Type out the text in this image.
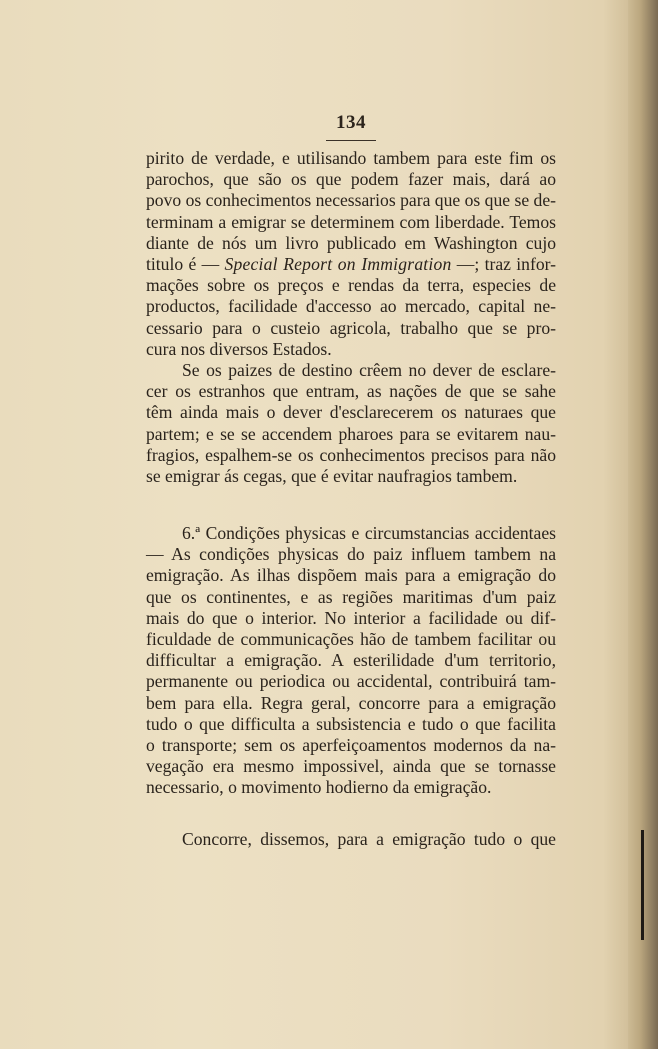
134
pirito de verdade, e utilisando tambem para este fim os
parochos, que são os que podem fazer mais, dará ao
povo os conhecimentos necessarios para que os que se de-
terminam a emigrar se determinem com liberdade. Temos
diante de nós um livro publicado em Washington cujo
titulo é — Special Report on Immigration —; traz infor-
mações sobre os preços e rendas da terra, especies de
productos, facilidade d'accesso ao mercado, capital ne-
cessario para o custeio agricola, trabalho que se pro-
cura nos diversos Estados.
Se os paizes de destino crêem no dever de esclare-
cer os estranhos que entram, as nações de que se sahe
têm ainda mais o dever d'esclarecerem os naturaes que
partem; e se se accendem pharoes para se evitarem nau-
fragios, espalhem-se os conhecimentos precisos para não
se emigrar ás cegas, que é evitar naufragios tambem.
6.ª Condições physicas e circumstancias accidentaes
— As condições physicas do paiz influem tambem na
emigração. As ilhas dispõem mais para a emigração do
que os continentes, e as regiões maritimas d'um paiz
mais do que o interior. No interior a facilidade ou dif-
ficuldade de communicações hão de tambem facilitar ou
difficultar a emigração. A esterilidade d'um territorio,
permanente ou periodica ou accidental, contribuirá tam-
bem para ella. Regra geral, concorre para a emigração
tudo o que difficulta a subsistencia e tudo o que facilita
o transporte; sem os aperfeiçoamentos modernos da na-
vegação era mesmo impossivel, ainda que se tornasse
necessario, o movimento hodierno da emigração.
Concorre, dissemos, para a emigração tudo o que
